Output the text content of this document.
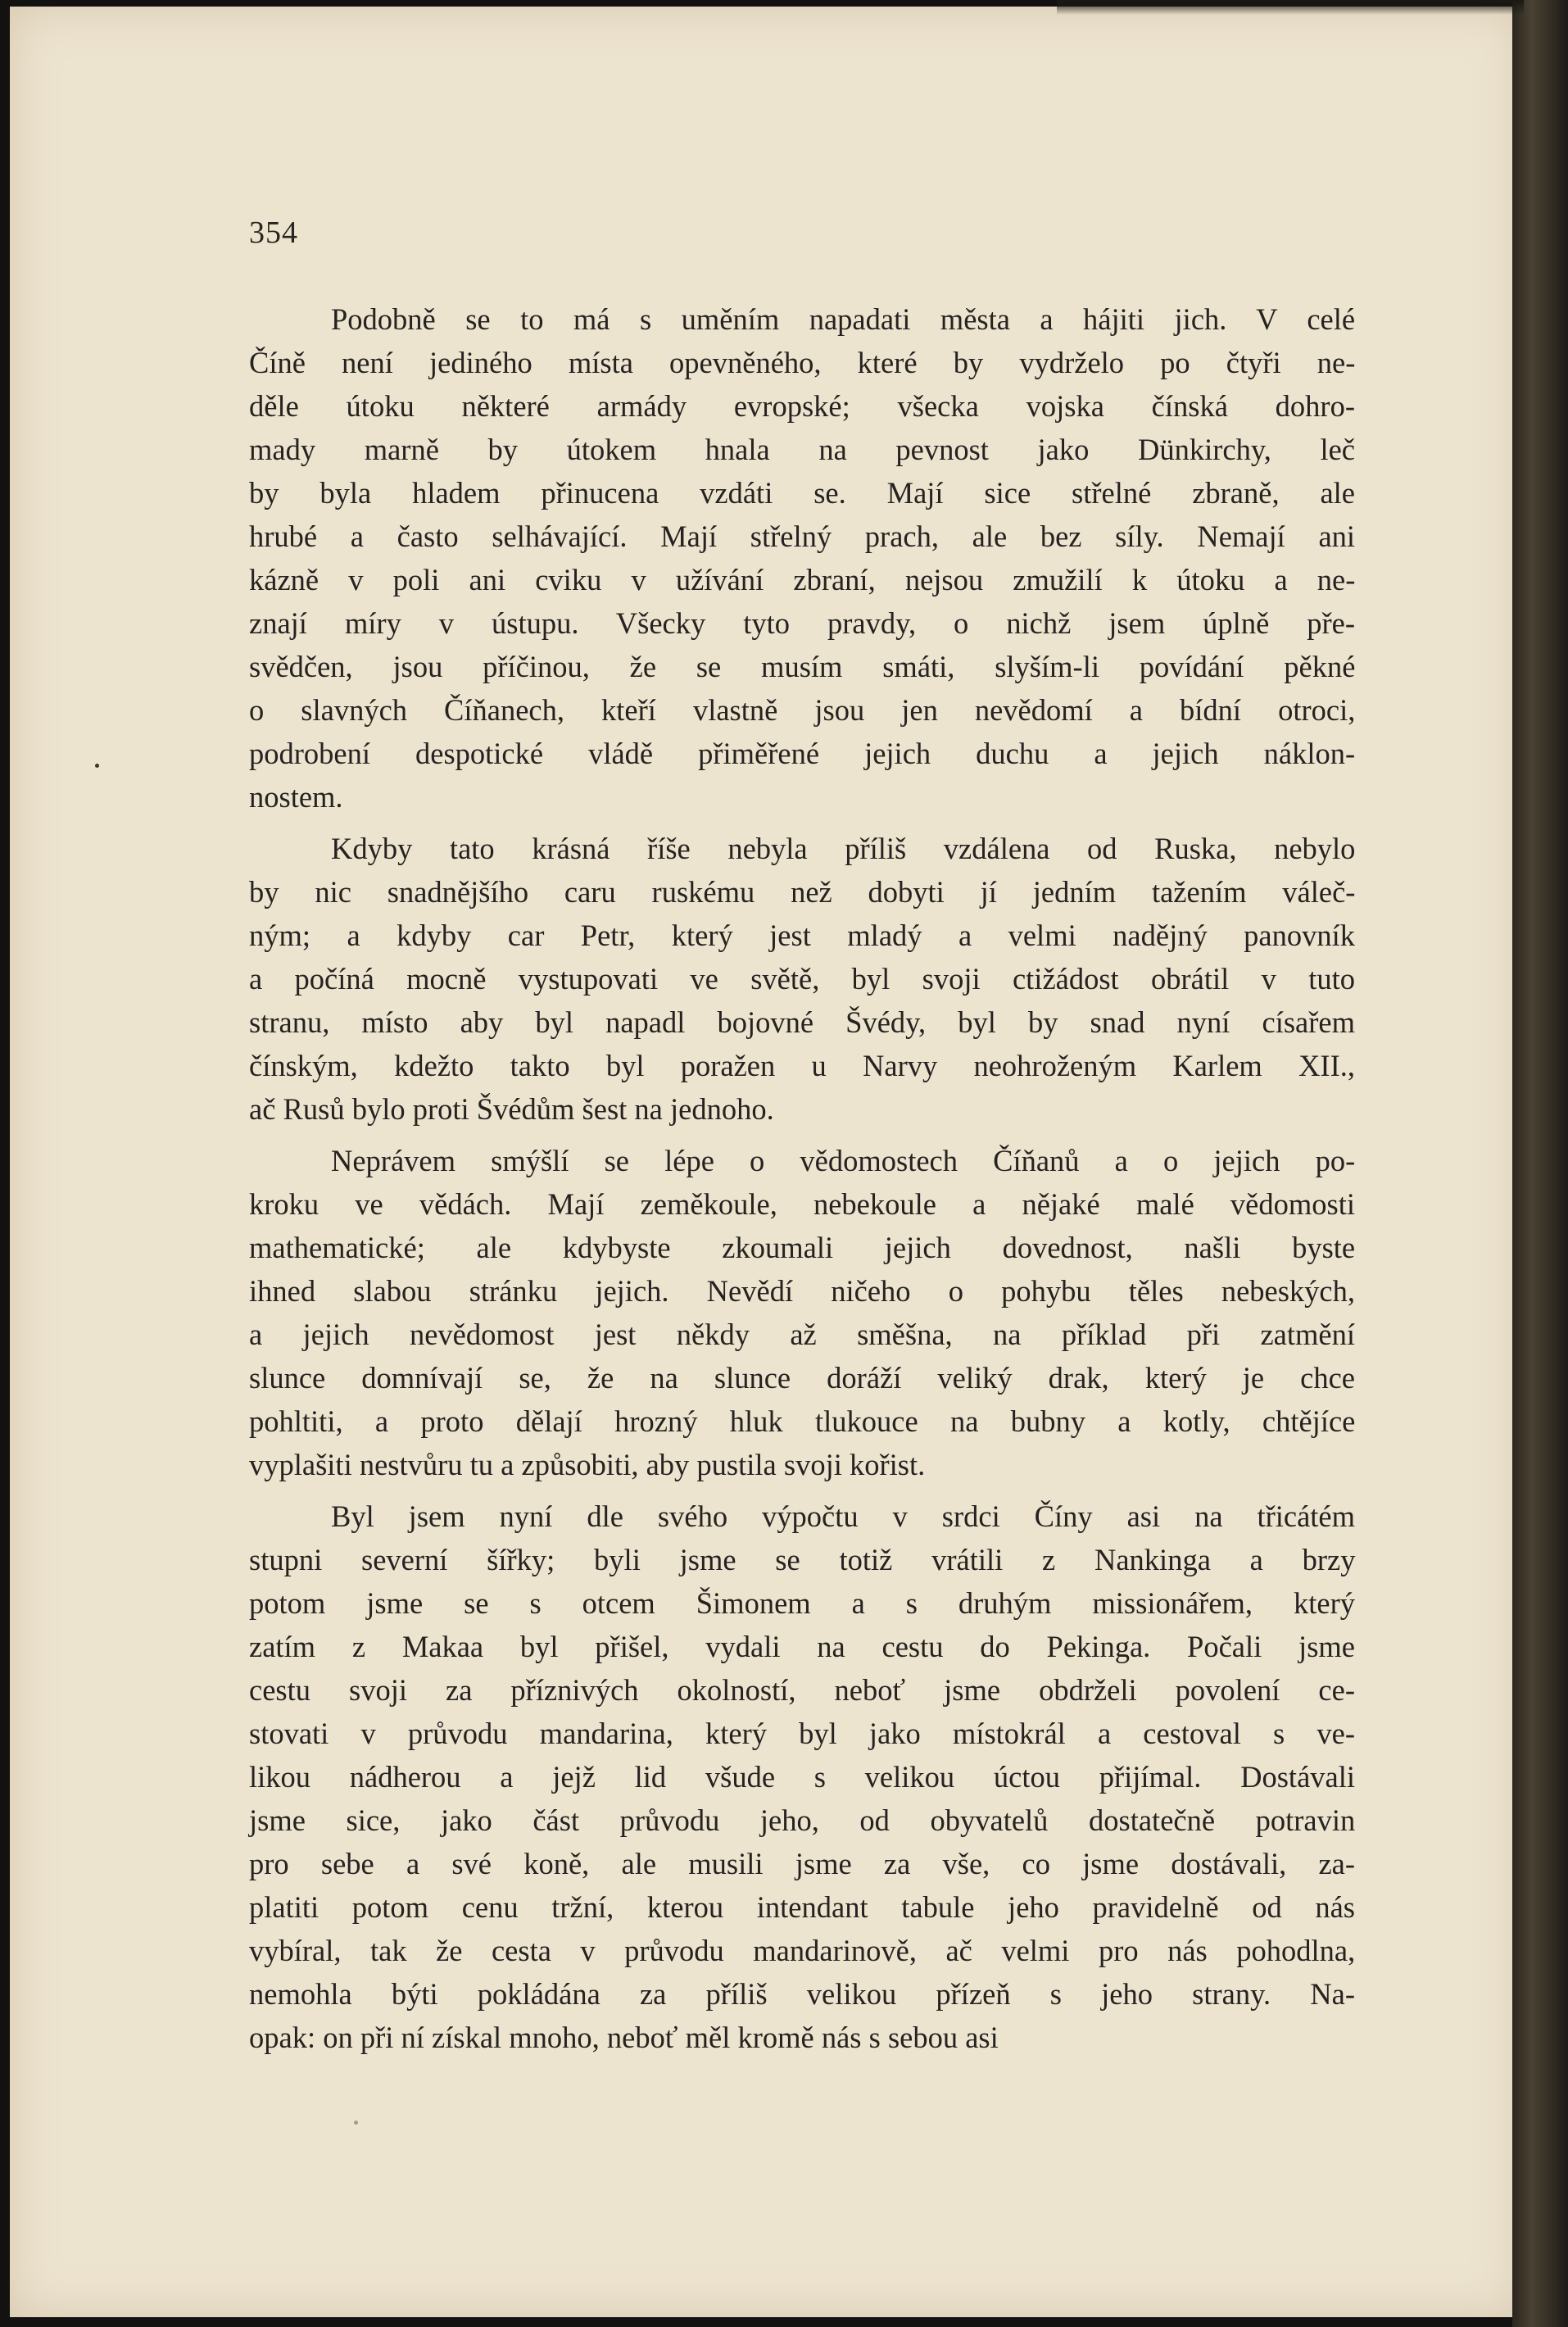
354
Podobně se to má s uměním napadati města a hájiti jich. V celé
Číně není jediného místa opevněného, které by vydrželo po čtyři ne-
děle útoku některé armády evropské; všecka vojska čínská dohro-
mady marně by útokem hnala na pevnost jako Dünkirchy, leč
by byla hladem přinucena vzdáti se. Mají sice střelné zbraně, ale
hrubé a často selhávající. Mají střelný prach, ale bez síly. Nemají ani
kázně v poli ani cviku v užívání zbraní, nejsou zmužilí k útoku a ne-
znají míry v ústupu. Všecky tyto pravdy, o nichž jsem úplně pře-
svědčen, jsou příčinou, že se musím smáti, slyším-li povídání pěkné
o slavných Číňanech, kteří vlastně jsou jen nevědomí a bídní otroci,
podrobení despotické vládě přiměřené jejich duchu a jejich náklon-
nostem.
Kdyby tato krásná říše nebyla příliš vzdálena od Ruska, nebylo
by nic snadnějšího caru ruskému než dobyti jí jedním tažením váleč-
ným; a kdyby car Petr, který jest mladý a velmi nadějný panovník
a počíná mocně vystupovati ve světě, byl svoji ctižádost obrátil v tuto
stranu, místo aby byl napadl bojovné Švédy, byl by snad nyní císařem
čínským, kdežto takto byl poražen u Narvy neohroženým Karlem XII.,
ač Rusů bylo proti Švédům šest na jednoho.
Neprávem smýšlí se lépe o vědomostech Číňanů a o jejich po-
kroku ve vědách. Mají zeměkoule, nebekoule a nějaké malé vědomosti
mathematické; ale kdybyste zkoumali jejich dovednost, našli byste
ihned slabou stránku jejich. Nevědí ničeho o pohybu těles nebeských,
a jejich nevědomost jest někdy až směšna, na příklad při zatmění
slunce domnívají se, že na slunce doráží veliký drak, který je chce
pohltiti, a proto dělají hrozný hluk tlukouce na bubny a kotly, chtějíce
vyplašiti nestvůru tu a způsobiti, aby pustila svoji kořist.
Byl jsem nyní dle svého výpočtu v srdci Číny asi na třicátém
stupni severní šířky; byli jsme se totiž vrátili z Nankinga a brzy
potom jsme se s otcem Šimonem a s druhým missionářem, který
zatím z Makaa byl přišel, vydali na cestu do Pekinga. Počali jsme
cestu svoji za příznivých okolností, neboť jsme obdrželi povolení ce-
stovati v průvodu mandarina, který byl jako místokrál a cestoval s ve-
likou nádherou a jejž lid všude s velikou úctou přijímal. Dostávali
jsme sice, jako část průvodu jeho, od obyvatelů dostatečně potravin
pro sebe a své koně, ale musili jsme za vše, co jsme dostávali, za-
platiti potom cenu tržní, kterou intendant tabule jeho pravidelně od nás
vybíral, tak že cesta v průvodu mandarinově, ač velmi pro nás pohodlna,
nemohla býti pokládána za příliš velikou přízeň s jeho strany. Na-
opak: on při ní získal mnoho, neboť měl kromě nás s sebou asi
